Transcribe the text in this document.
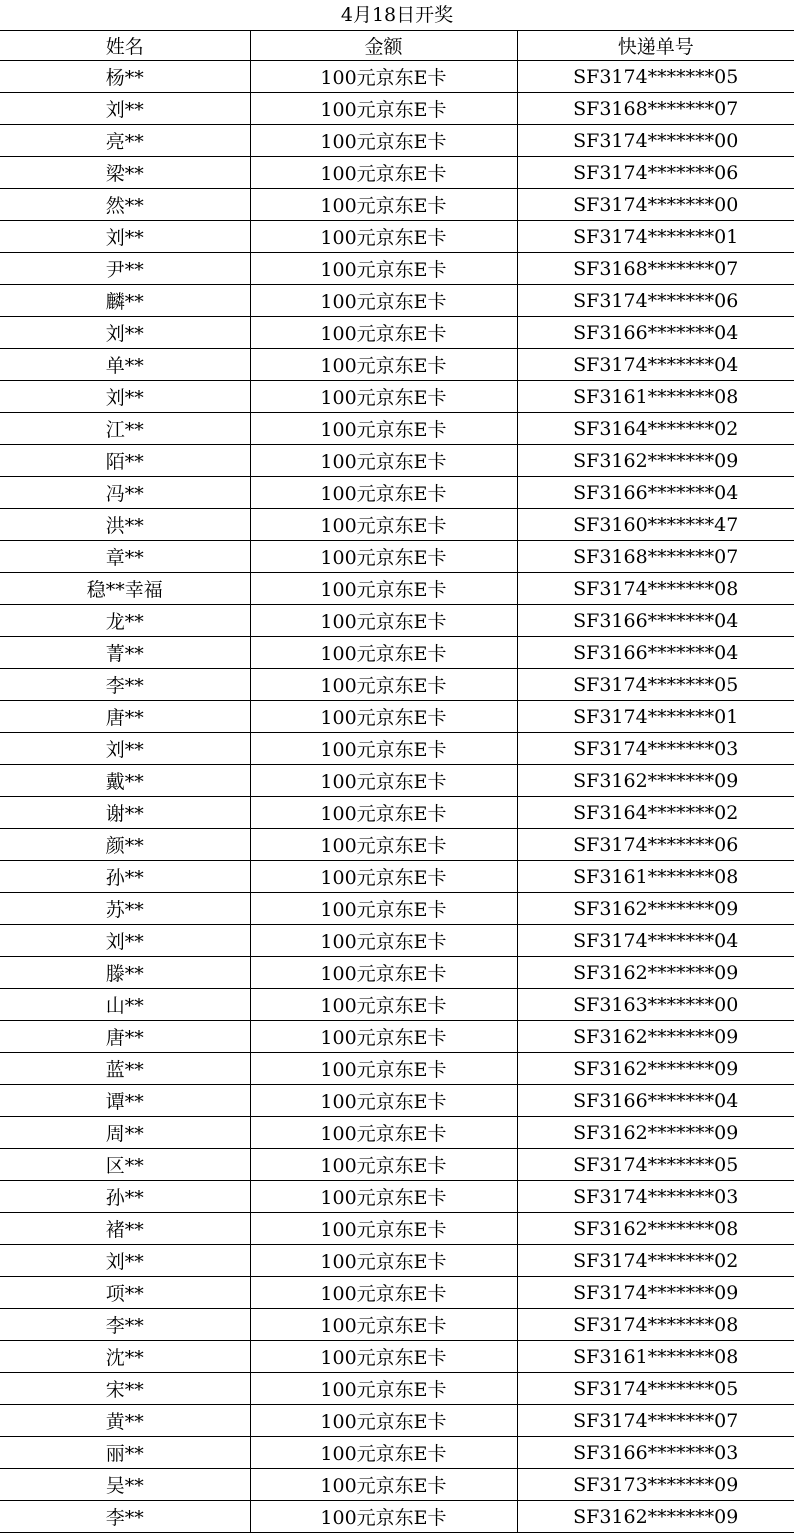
4月18日开奖
姓名	金额	快递单号
杨**	100元京东E卡	SF3174*******05
刘**	100元京东E卡	SF3168*******07
亮**	100元京东E卡	SF3174*******00
梁**	100元京东E卡	SF3174*******06
然**	100元京东E卡	SF3174*******00
刘**	100元京东E卡	SF3174*******01
尹**	100元京东E卡	SF3168*******07
麟**	100元京东E卡	SF3174*******06
刘**	100元京东E卡	SF3166*******04
单**	100元京东E卡	SF3174*******04
刘**	100元京东E卡	SF3161*******08
江**	100元京东E卡	SF3164*******02
陌**	100元京东E卡	SF3162*******09
冯**	100元京东E卡	SF3166*******04
洪**	100元京东E卡	SF3160*******47
章**	100元京东E卡	SF3168*******07
稳**幸福	100元京东E卡	SF3174*******08
龙**	100元京东E卡	SF3166*******04
菁**	100元京东E卡	SF3166*******04
李**	100元京东E卡	SF3174*******05
唐**	100元京东E卡	SF3174*******01
刘**	100元京东E卡	SF3174*******03
戴**	100元京东E卡	SF3162*******09
谢**	100元京东E卡	SF3164*******02
颜**	100元京东E卡	SF3174*******06
孙**	100元京东E卡	SF3161*******08
苏**	100元京东E卡	SF3162*******09
刘**	100元京东E卡	SF3174*******04
滕**	100元京东E卡	SF3162*******09
山**	100元京东E卡	SF3163*******00
唐**	100元京东E卡	SF3162*******09
蓝**	100元京东E卡	SF3162*******09
谭**	100元京东E卡	SF3166*******04
周**	100元京东E卡	SF3162*******09
区**	100元京东E卡	SF3174*******05
孙**	100元京东E卡	SF3174*******03
褚**	100元京东E卡	SF3162*******08
刘**	100元京东E卡	SF3174*******02
项**	100元京东E卡	SF3174*******09
李**	100元京东E卡	SF3174*******08
沈**	100元京东E卡	SF3161*******08
宋**	100元京东E卡	SF3174*******05
黄**	100元京东E卡	SF3174*******07
丽**	100元京东E卡	SF3166*******03
吴**	100元京东E卡	SF3173*******09
李**	100元京东E卡	SF3162*******09
